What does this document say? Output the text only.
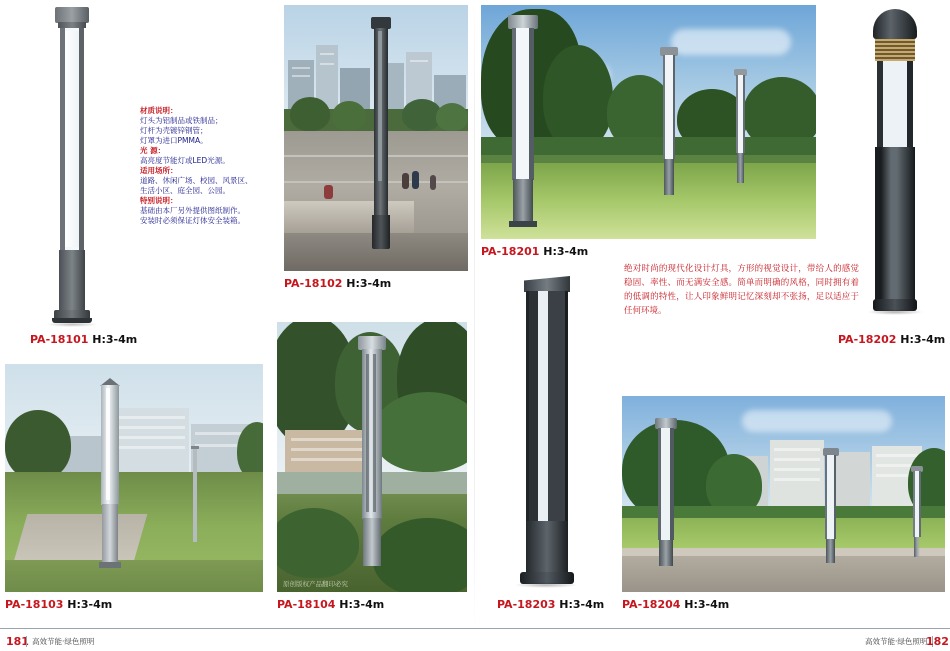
PA-18101 H:3-4m
材质说明：
灯头为铝制品或铁制品；
灯杆为壳镀锌钢管；
灯罩为进口PMMA。
光 源：
高亮度节能灯或LED光源。
适用场所：
道路、休闲广场、校园、风景区、
生活小区、庭全园、公园。
特别说明：
基础由本厂另外提供图纸制作。
安装时必须保证灯体安全装箱。
PA-18102 H:3-4m
PA-18103 H:3-4m
原创版权产品翻印必究
PA-18104 H:3-4m
PA-18201 H:3-4m
PA-18202 H:3-4m
绝对时尚的现代化设计灯具，方形的视觉设计，带给人的感觉稳固、率性、而无满安全感。简单而明确的风格，同时拥有着的低调的特性，让人印象鲜明记忆深刻却不张扬，足以适应于任何环境。
PA-18203 H:3-4m PA-18204 H:3-4m
181 高效节能·绿色照明	高效节能·绿色照明
182
